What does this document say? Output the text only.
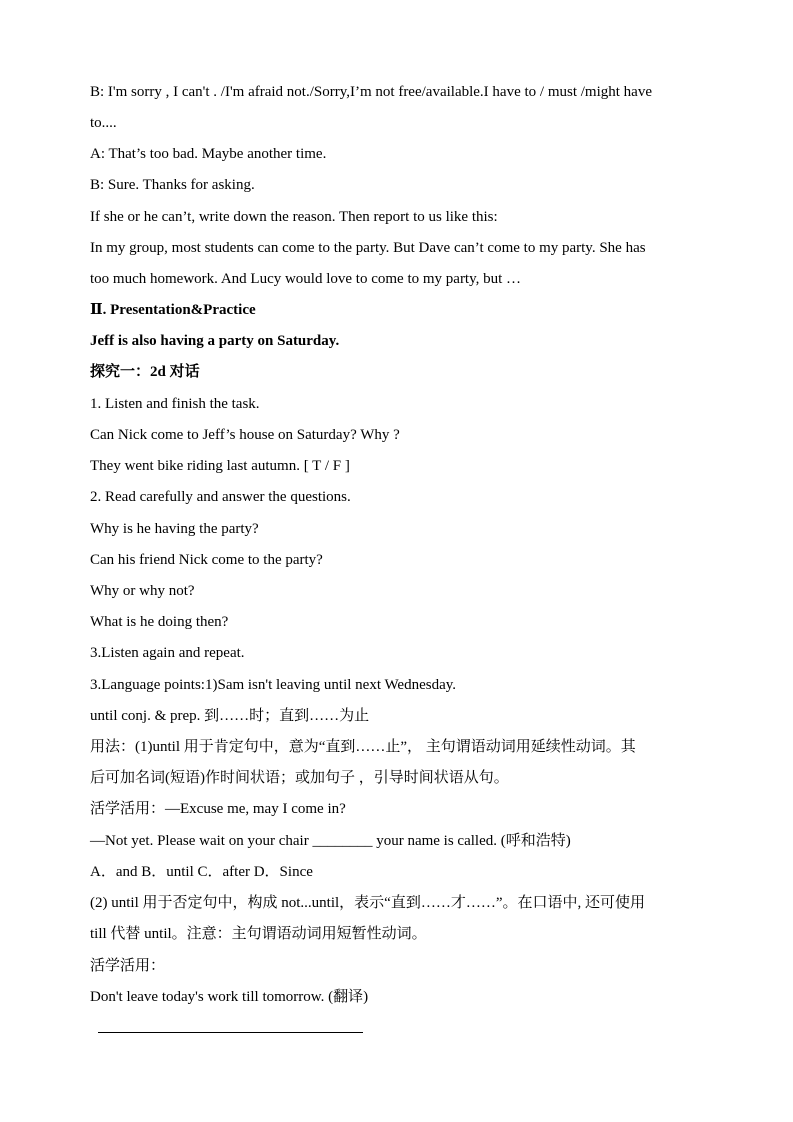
B: I'm sorry , I can't . /I'm afraid not./Sorry,I’m not free/available.I have to / must /might have
to....
A: That’s too bad. Maybe another time.
B: Sure. Thanks for asking.
If she or he can’t, write down the reason. Then report to us like this:
In my group, most students can come to the party. But Dave can’t come to my party. She has
too much homework. And Lucy would love to come to my party, but …
Ⅱ. Presentation&Practice
Jeff is also having a party on Saturday.
探究一：2d 对话
1. Listen and finish the task.
Can Nick come to Jeff’s house on Saturday? Why ?
They went bike riding last autumn. [ T / F ]
2. Read carefully and answer the questions.
Why is he having the party?
Can his friend Nick come to the party?
Why or why not?
What is he doing then?
3.Listen again and repeat.
3.Language points:1)Sam isn't leaving until next Wednesday.
until conj. & prep. 到……时；直到……为止
用法：(1)until 用于肯定句中，意为“直到……止”， 主句谓语动词用延续性动词。其
后可加名词(短语)作时间状语；或加句子 ，引导时间状语从句。
活学活用：—Excuse me, may I come in?
—Not yet. Please wait on your chair ________ your name is called. (呼和浩特)
A．and B．until C．after D．Since
(2) until 用于否定句中，构成 not...until，表示“直到……才……”。在口语中, 还可使用
till 代替 until。注意：主句谓语动词用短暂性动词。
活学活用：
Don't leave today's work till tomorrow. (翻译)
